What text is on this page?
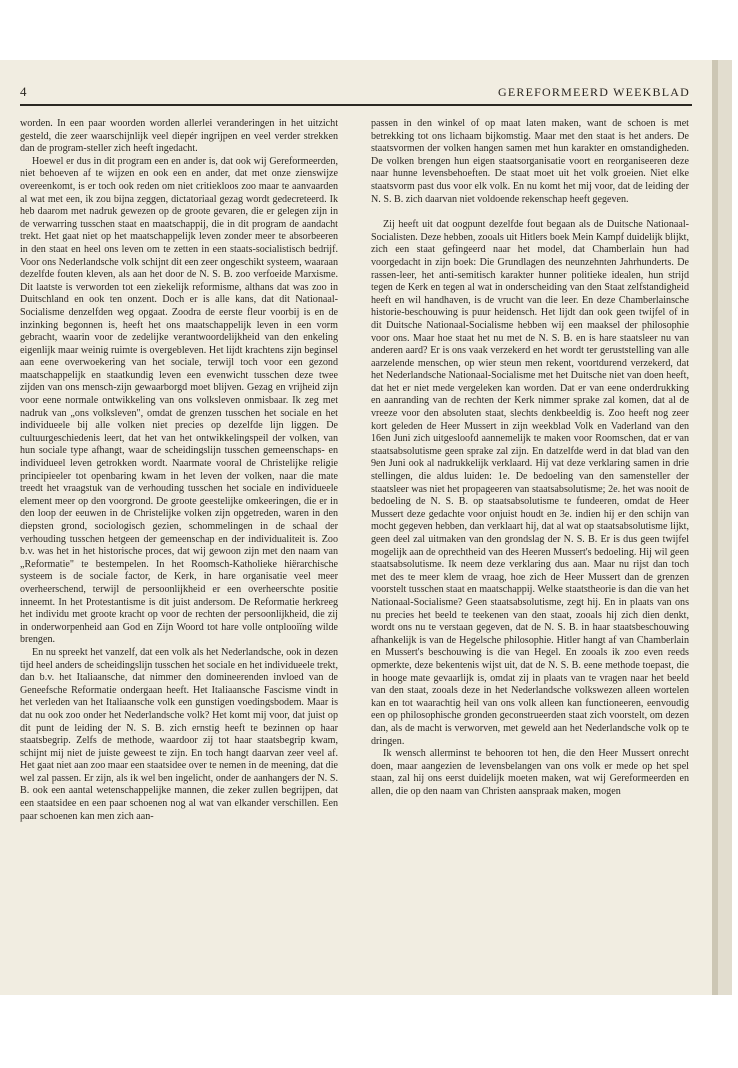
4	GEREFORMEERD WEEKBLAD

worden. In een paar woorden worden allerlei veranderingen in het uitzicht gesteld, die zeer waarschijnlijk veel diepér ingrijpen en veel verder strekken dan de program-steller zich heeft ingedacht.

Hoewel er dus in dit program een en ander is, dat ook wij Gereformeerden, niet behoeven af te wijzen en ook een en ander, dat met onze zienswijze overeenkomt, is er toch ook reden om niet critiekloos zoo maar te aanvaarden al wat met een, ik zou bijna zeggen, dictatoriaal gezag wordt gedecreteerd. Ik heb daarom met nadruk gewezen op de groote gevaren, die er gelegen zijn in de verwarring tusschen staat en maatschappij, die in dit program de aandacht trekt. Het gaat niet op het maatschappelijk leven zonder meer te absorbeeren in den staat en heel ons leven om te zetten in een staats-socialistisch bedrijf. Voor ons Nederlandsche volk schijnt dit een zeer ongeschikt systeem, waaraan dezelfde fouten kleven, als aan het door de N. S. B. zoo verfoeide Marxisme. Dit laatste is verworden tot een ziekelijk reformisme, althans dat was zoo in Duitschland en ook ten onzent. Doch er is alle kans, dat dit Nationaal-Socialisme denzelfden weg opgaat. Zoodra de eerste fleur voorbij is en de inzinking begonnen is, heeft het ons maatschappelijk leven in een vorm gebracht, waarin voor de zedelijke verantwoordelijkheid van den enkeling eigenlijk maar weinig ruimte is overgebleven. Het lijdt krachtens zijn beginsel aan eene overwoekering van het sociale, terwijl toch voor een gezond maatschappelijk en staatkundig leven een evenwicht tusschen deze twee zijden van ons mensch-zijn gewaarborgd moet blijven. Gezag en vrijheid zijn voor eene normale ontwikkeling van ons volksleven onmisbaar. Ik zeg met nadruk van „ons volksleven", omdat de grenzen tusschen het sociale en het individueele bij alle volken niet precies op dezelfde lijn liggen. De cultuurgeschiedenis leert, dat het van het ontwikkelingspeil der volken, van hun sociale type afhangt, waar de scheidingslijn tusschen gemeenschaps- en individueel leven getrokken wordt. Naarmate vooral de Christelijke religie principieeler tot openbaring kwam in het leven der volken, naar die mate treedt het vraagstuk van de verhouding tusschen het sociale en individueele element meer op den voorgrond. De groote geestelijke omkeeringen, die er in den loop der eeuwen in de Christelijke volken zijn opgetreden, waren in den diepsten grond, sociologisch gezien, schommelingen in de schaal der verhouding tusschen hetgeen der gemeenschap en der individualiteit is. Zoo b.v. was het in het historische proces, dat wij gewoon zijn met den naam van „Reformatie" te bestempelen. In het Roomsch-Katholieke hiërarchische systeem is de sociale factor, de Kerk, in hare organisatie veel meer overheerschend, terwijl de persoonlijkheid er een overheerschte positie inneemt. In het Protestantisme is dit juist andersom. De Reformatie herkreeg het individu met groote kracht op voor de rechten der persoonlijkheid, die zij in onderworpenheid aan God en Zijn Woord tot hare volle ontplooiïng wilde brengen.

En nu spreekt het vanzelf, dat een volk als het Nederlandsche, ook in dezen tijd heel anders de scheidingslijn tusschen het sociale en het individueele trekt, dan b.v. het Italiaansche, dat nimmer den domineerenden invloed van de Geneefsche Reformatie ondergaan heeft. Het Italiaansche Fascisme vindt in het verleden van het Italiaansche volk een gunstigen voedingsbodem. Maar is dat nu ook zoo onder het Nederlandsche volk? Het komt mij voor, dat juist op dit punt de leiding der N. S. B. zich ernstig heeft te bezinnen op haar staatsbegrip. Zelfs de methode, waardoor zij tot haar staatsbegrip kwam, schijnt mij niet de juiste geweest te zijn. En toch hangt daarvan zeer veel af. Het gaat niet aan zoo maar een staatsidee over te nemen in de meening, dat die wel zal passen. Er zijn, als ik wel ben ingelicht, onder de aanhangers der N. S. B. ook een aantal wetenschappelijke mannen, die zeker zullen begrijpen, dat een staatsidee en een paar schoenen nog al wat van elkander verschillen. Een paar schoenen kan men zich aan-

passen in den winkel of op maat laten maken, want de schoen is met betrekking tot ons lichaam bijkomstig. Maar met den staat is het anders. De staatsvormen der volken hangen samen met hun karakter en omstandigheden. De volken brengen hun eigen staatsorganisatie voort en reorganiseeren deze naar hunne levensbehoeften. De staat moet uit het volk groeien. Niet elke staatsvorm past dus voor elk volk. En nu komt het mij voor, dat de leiding der N. S. B. zich daarvan niet voldoende rekenschap heeft gegeven.

Zij heeft uit dat oogpunt dezelfde fout begaan als de Duitsche Nationaal-Socialisten. Deze hebben, zooals uit Hitlers boek Mein Kampf duidelijk blijkt, zich een staat gefingeerd naar het model, dat Chamberlain hun had voorgedacht in zijn boek: Die Grundlagen des neunzehnten Jahrhunderts. De rassen-leer, het anti-semitisch karakter hunner politieke idealen, hun strijd tegen de Kerk en tegen al wat in onderscheiding van den Staat zelfstandigheid heeft en wil handhaven, is de vrucht van die leer. En deze Chamberlainsche historie-beschouwing is puur heidensch. Het lijdt dan ook geen twijfel of in dit Duitsche Nationaal-Socialisme hebben wij een maaksel der philosophie voor ons. Maar hoe staat het nu met de N. S. B. en is hare staatsleer nu van anderen aard? Er is ons vaak verzekerd en het wordt ter geruststelling van alle aarzelende menschen, op wier steun men rekent, voortdurend verzekerd, dat het Nederlandsche Nationaal-Socialisme met het Duitsche niet van doen heeft, dat het er niet mede vergeleken kan worden. Dat er van eene onderdrukking en aanranding van de rechten der Kerk nimmer sprake zal komen, dat al de vreeze voor den absoluten staat, slechts denkbeeldig is. Zoo heeft nog zeer kort geleden de Heer Mussert in zijn weekblad Volk en Vaderland van den 16en Juni zich uitgesloofd aannemelijk te maken voor Roomschen, dat er van staatsabsolutisme geen sprake zal zijn. En datzelfde werd in dat blad van den 9en Juni ook al nadrukkelijk verklaard. Hij vat deze verklaring samen in drie stellingen, die aldus luiden: 1e. De bedoeling van den samensteller der staatsleer was niet het propageeren van staatsabsolutisme; 2e. het was nooit de bedoeling de N. S. B. op staatsabsolutisme te fundeeren, omdat de Heer Mussert deze gedachte voor onjuist houdt en 3e. indien hij er den schijn van mocht gegeven hebben, dan verklaart hij, dat al wat op staatsabsolutisme lijkt, geen deel zal uitmaken van den grondslag der N. S. B. Er is dus geen twijfel mogelijk aan de oprechtheid van des Heeren Mussert's bedoeling. Hij wil geen staatsabsolutisme. Ik neem deze verklaring dus aan. Maar nu rijst dan toch met des te meer klem de vraag, hoe zich de Heer Mussert dan de grenzen voorstelt tusschen staat en maatschappij. Welke staatstheorie is dan die van het Nationaal-Socialisme? Geen staatsabsolutisme, zegt hij. En in plaats van ons nu precies het beeld te teekenen van den staat, zooals hij zich dien denkt, wordt ons nu te verstaan gegeven, dat de N. S. B. in haar staatsbeschouwing afhankelijk is van de Hegelsche philosophie. Hitler hangt af van Chamberlain en Mussert's beschouwing is die van Hegel. En zooals ik zoo even reeds opmerkte, deze bekentenis wijst uit, dat de N. S. B. eene methode toepast, die in hooge mate gevaarlijk is, omdat zij in plaats van te vragen naar het beeld van den staat, zooals deze in het Nederlandsche volkswezen alleen wortelen kan en tot waarachtig heil van ons volk alleen kan functioneeren, eenvoudig een op philosophische gronden geconstrueerden staat zich voorstelt, om dezen dan, als de macht is verworven, met geweld aan het Nederlandsche volk op te dringen.

Ik wensch allerminst te behooren tot hen, die den Heer Mussert onrecht doen, maar aangezien de levensbelangen van ons volk er mede op het spel staan, zal hij ons eerst duidelijk moeten maken, wat wij Gereformeerden en allen, die op den naam van Christen aanspraak maken, mogen
